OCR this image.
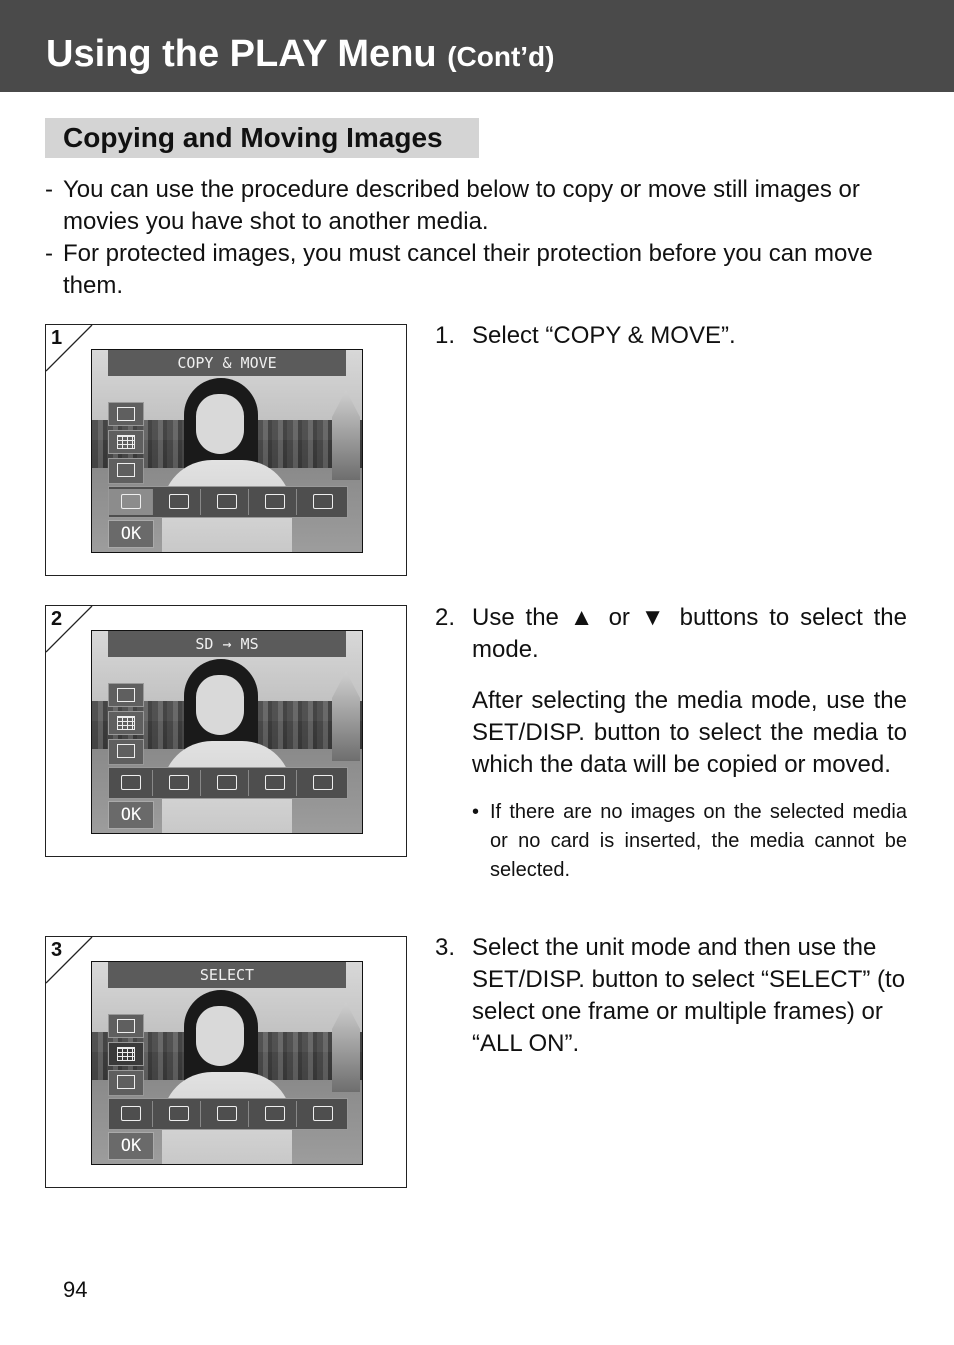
Using the PLAY Menu (Cont’d)
Copying and Moving Images

- You can use the procedure described below to copy or move still images or movies you have shot to another media.

- For protected images, you must cancel their protection before you can move them.

1
COPY & MOVE
OK
2
SD → MS
OK
3
SELECT
OK
1. Select “COPY & MOVE”.

2. Use the ▲ or ▼ buttons to select the mode.

After selecting the media mode, use the SET/DISP. button to select the media to which the data will be copied or moved.

• If there are no images on the selected media or no card is inserted, the media cannot be selected.
3. Select the unit mode and then use the SET/DISP. button to select “SELECT” (to select one frame or multiple frames) or “ALL ON”.

94
